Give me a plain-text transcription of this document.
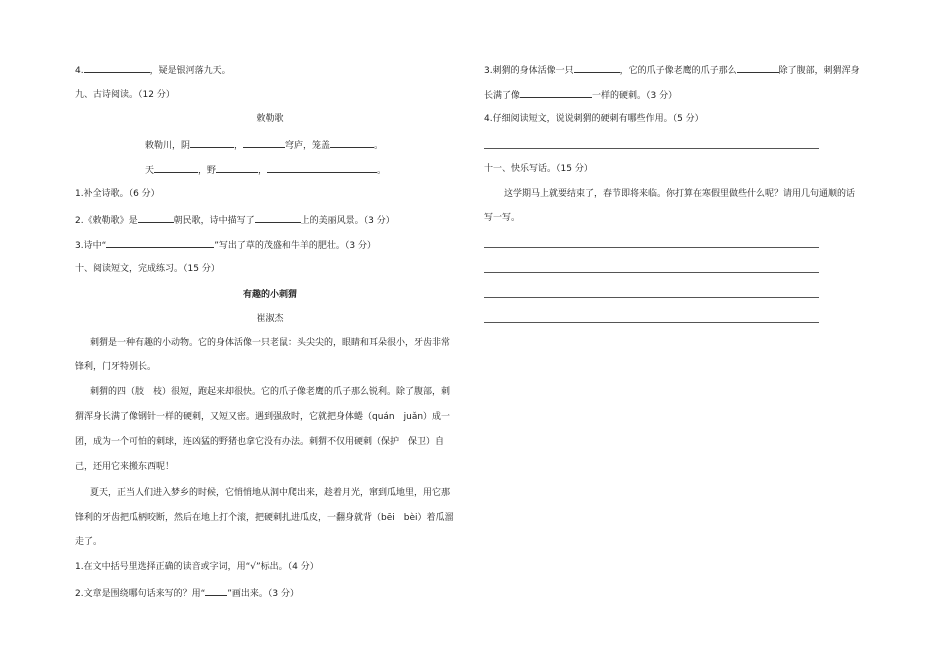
4.	，疑是银河落九天。
九、古诗阅读。（12 分）
敕勒歌
敕勒川，阴	，	穹庐，笼盖	。
天	，野	，	。
1.补全诗歌。（6 分）
2.《敕勒歌》是	朝民歌，诗中描写了	上的美丽风景。（3 分）
3.诗中“	”写出了草的茂盛和牛羊的肥壮。（3 分）
十、阅读短文，完成练习。（15 分）
有趣的小刺猬
崔淑杰
刺猬是一种有趣的小动物。它的身体活像一只老鼠：头尖尖的，眼睛和耳朵很小，牙齿非常
锋利，门牙特别长。
刺猬的四（肢　枝）很短，跑起来却很快。它的爪子像老鹰的爪子那么锐利。除了腹部，刺
猬浑身长满了像钢针一样的硬刺，又短又密。遇到强敌时，它就把身体蜷（quán　juǎn）成一
团，成为一个可怕的刺球，连凶猛的野猪也拿它没有办法。刺猬不仅用硬刺（保护　保卫）自
己，还用它来搬东西呢！
夏天，正当人们进入梦乡的时候，它悄悄地从洞中爬出来，趁着月光，窜到瓜地里，用它那
锋利的牙齿把瓜柄咬断，然后在地上打个滚，把硬刺扎进瓜皮，一翻身就背（bēi　bèi）着瓜溜
走了。
1.在文中括号里选择正确的读音或字词，用“√”标出。（4 分）
2.文章是围绕哪句话来写的？用“ ”画出来。（3 分）
3.刺猬的身体活像一只	，它的爪子像老鹰的爪子那么	除了腹部，刺猬浑身
长满了像	一样的硬刺。（3 分）
4.仔细阅读短文，说说刺猬的硬刺有哪些作用。（5 分）
十一、快乐写话。（15 分）
这学期马上就要结束了，春节即将来临。你打算在寒假里做些什么呢？请用几句通顺的话
写一写。
